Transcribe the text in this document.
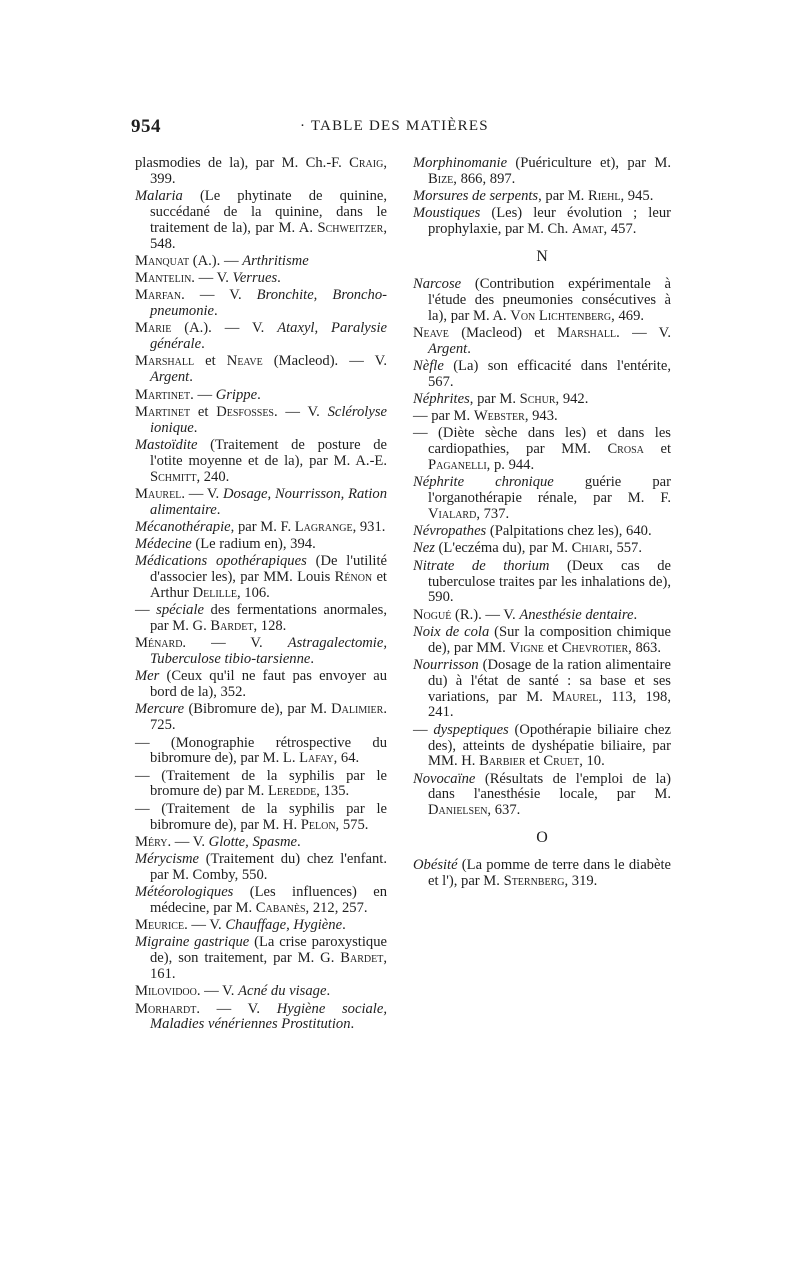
954	· TABLE DES MATIÈRES
plasmodies de la), par M. Ch.-F. Craig, 399.
Malaria (Le phytinate de quinine, succédané de la quinine, dans le traitement de la), par M. A. Schweitzer, 548.
Manquat (A.). — Arthritisme
Mantelin. — V. Verrues.
Marfan. — V. Bronchite, Broncho-pneumonie.
Marie (A.). — V. Ataxyl, Paralysie générale.
Marshall et Neave (Macleod). — V. Argent.
Martinet. — Grippe.
Martinet et Desfosses. — V. Sclérolyse ionique.
Mastoïdite (Traitement de posture de l'otite moyenne et de la), par M. A.-E. Schmitt, 240.
Maurel. — V. Dosage, Nourrisson, Ration alimentaire.
Mécanothérapie, par M. F. Lagrange, 931.
Médecine (Le radium en), 394.
Médications opothérapiques (De l'utilité d'associer les), par MM. Louis Rénon et Arthur Delille, 106.
— spéciale des fermentations anormales, par M. G. Bardet, 128.
Ménard. — V. Astragalectomie, Tuberculose tibio-tarsienne.
Mer (Ceux qu'il ne faut pas envoyer au bord de la), 352.
Mercure (Bibromure de), par M. Dalimier. 725.
— (Monographie rétrospective du bibromure de), par M. L. Lafay, 64.
— (Traitement de la syphilis par le bromure de) par M. Leredde, 135.
— (Traitement de la syphilis par le bibromure de), par M. H. Pelon, 575.
Méry. — V. Glotte, Spasme.
Mérycisme (Traitement du) chez l'enfant. par M. Comby, 550.
Météorologiques (Les influences) en médecine, par M. Cabanès, 212, 257.
Meurice. — V. Chauffage, Hygiène.
Migraine gastrique (La crise paroxystique de), son traitement, par M. G. Bardet, 161.
Milovidoo. — V. Acné du visage.
Morhardt. — V. Hygiène sociale, Maladies vénériennes Prostitution.
Morphinomanie (Puériculture et), par M. Bize, 866, 897.
Morsures de serpents, par M. Riehl, 945.
Moustiques (Les) leur évolution ; leur prophylaxie, par M. Ch. Amat, 457.
N
Narcose (Contribution expérimentale à l'étude des pneumonies consécutives à la), par M. A. Von Lichtenberg, 469.
Neave (Macleod) et Marshall. — V. Argent.
Nèfle (La) son efficacité dans l'entérite, 567.
Néphrites, par M. Schur, 942.
— par M. Webster, 943.
— (Diète sèche dans les) et dans les cardiopathies, par MM. Crosa et Paganelli, p. 944.
Néphrite chronique guérie par l'organothérapie rénale, par M. F. Vialard, 737.
Névropathes (Palpitations chez les), 640.
Nez (L'eczéma du), par M. Chiari, 557.
Nitrate de thorium (Deux cas de tuberculose traites par les inhalations de), 590.
Nogué (R.). — V. Anesthésie dentaire.
Noix de cola (Sur la composition chimique de), par MM. Vigne et Chevrotier, 863.
Nourrisson (Dosage de la ration alimentaire du) à l'état de santé : sa base et ses variations, par M. Maurel, 113, 198, 241.
— dyspeptiques (Opothérapie biliaire chez des), atteints de dyshépatie biliaire, par MM. H. Barbier et Cruet, 10.
Novocaïne (Résultats de l'emploi de la) dans l'anesthésie locale, par M. Danielsen, 637.
O
Obésité (La pomme de terre dans le diabète et l'), par M. Sternberg, 319.
